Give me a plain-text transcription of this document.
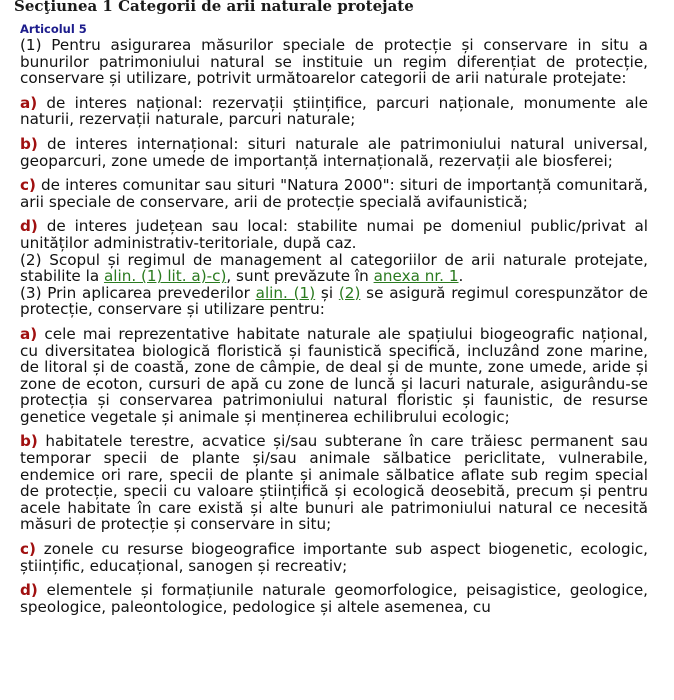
Secţiunea 1 Categorii de arii naturale protejate
Articolul 5

(1) Pentru asigurarea măsurilor speciale de protecție și conservare in situ a bunurilor patrimoniului natural se instituie un regim diferențiat de protecție, conservare și utilizare, potrivit următoarelor categorii de arii naturale protejate:

a) de interes național: rezervații științifice, parcuri naționale, monumente ale naturii, rezervații naturale, parcuri naturale;

b) de interes internațional: situri naturale ale patrimoniului natural universal, geoparcuri, zone umede de importanță internațională, rezervații ale biosferei;

c) de interes comunitar sau situri "Natura 2000": situri de importanță comunitară, arii speciale de conservare, arii de protecție specială avifaunistică;

d) de interes județean sau local: stabilite numai pe domeniul public/privat al unităților administrativ-teritoriale, după caz.

(2) Scopul și regimul de management al categoriilor de arii naturale protejate, stabilite la alin. (1) lit. a)-c), sunt prevăzute în anexa nr. 1.

(3) Prin aplicarea prevederilor alin. (1) și (2) se asigură regimul corespunzător de protecție, conservare și utilizare pentru:

a) cele mai reprezentative habitate naturale ale spațiului biogeografic național, cu diversitatea biologică floristică și faunistică specifică, incluzând zone marine, de litoral și de coastă, zone de câmpie, de deal și de munte, zone umede, aride și zone de ecoton, cursuri de apă cu zone de luncă și lacuri naturale, asigurându-se protecția și conservarea patrimoniului natural floristic și faunistic, de resurse genetice vegetale și animale și menținerea echilibrului ecologic;

b) habitatele terestre, acvatice și/sau subterane în care trăiesc permanent sau temporar specii de plante și/sau animale sălbatice periclitate, vulnerabile, endemice ori rare, specii de plante și animale sălbatice aflate sub regim special de protecție, specii cu valoare științifică și ecologică deosebită, precum și pentru acele habitate în care există și alte bunuri ale patrimoniului natural ce necesită măsuri de protecție și conservare in situ;

c) zonele cu resurse biogeografice importante sub aspect biogenetic, ecologic, științific, educațional, sanogen și recreativ;

d) elementele și formațiunile naturale geomorfologice, peisagistice, geologice, speologice, paleontologice, pedologice și altele asemenea, cu
